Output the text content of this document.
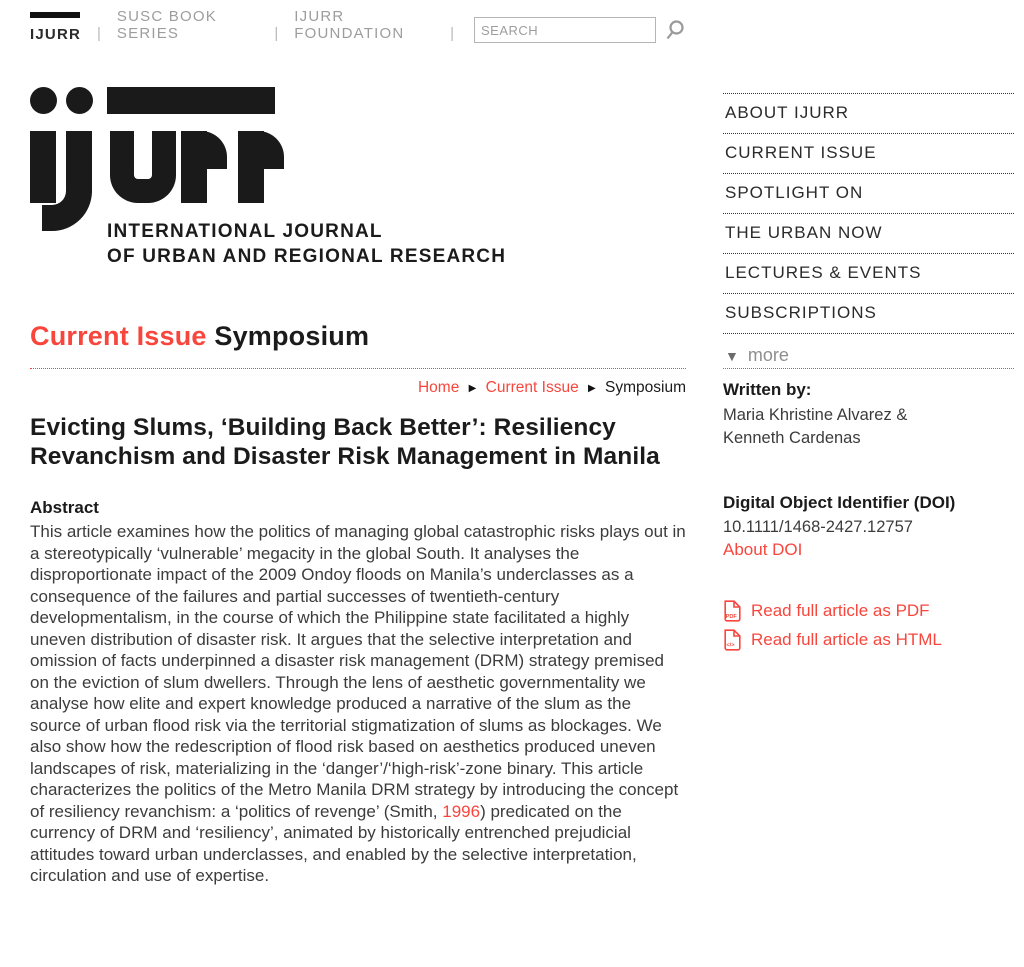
IJURR |
SUSC BOOK SERIES	|
IJURR FOUNDATION	|
SEARCH
INTERNATIONAL JOURNAL
OF URBAN AND REGIONAL RESEARCH
Current Issue Symposium
ABOUT IJURR
CURRENT ISSUE
SPOTLIGHT ON
THE URBAN NOW
LECTURES & EVENTS
SUBSCRIPTIONS
▼ more
Home ▶ Current Issue ▶ Symposium
Evicting Slums, ‘Building Back Better’: Resiliency Revanchism and Disaster Risk Management in Manila
Abstract

This article examines how the politics of managing global catastrophic risks plays out in a stereotypically ‘vulnerable’ megacity in the global South. It analyses the disproportionate impact of the 2009 Ondoy floods on Manila’s underclasses as a consequence of the failures and partial successes of twentieth-century developmentalism, in the course of which the Philippine state facilitated a highly uneven distribution of disaster risk. It argues that the selective interpretation and omission of facts underpinned a disaster risk management (DRM) strategy premised on the eviction of slum dwellers. Through the lens of aesthetic governmentality we analyse how elite and expert knowledge produced a narrative of the slum as the source of urban flood risk via the territorial stigmatization of slums as blockages. We also show how the redescription of flood risk based on aesthetics produced uneven landscapes of risk, materializing in the ‘danger’/‘high-risk’-zone binary. This article characterizes the politics of the Metro Manila DRM strategy by introducing the concept of resiliency revanchism: a ‘politics of revenge’ (Smith, 1996) predicated on the currency of DRM and ‘resiliency’, animated by historically entrenched prejudicial attitudes toward urban underclasses, and enabled by the selective interpretation, circulation and use of expertise.

Written by:
Maria Khristine Alvarez & Kenneth Cardenas
Digital Object Identifier (DOI)
10.1111/1468-2427.12757
About DOI
PDF Read full article as PDF
</> Read full article as HTML
